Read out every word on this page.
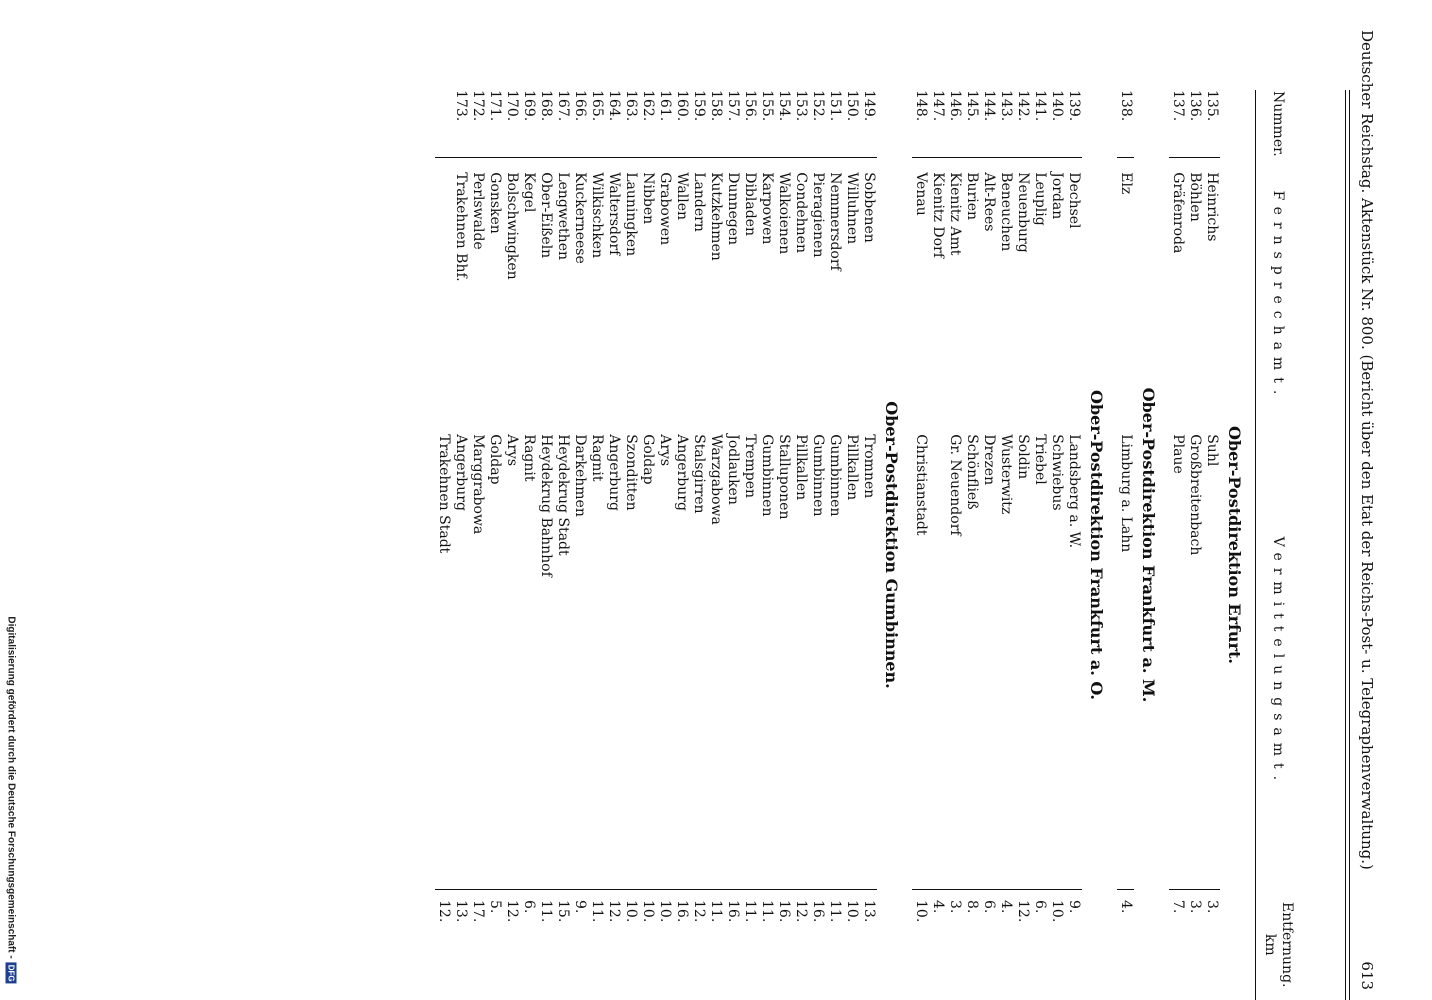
Digitalisierung gefördert durch die Deutsche Forschungsgemeinschaft -
DFG
Deutscher Reichstag. Aktenstück Nr. 800. (Bericht über den Etat der Reichs-Post- u. Telegraphenverwaltung.)
613
Nummer.	Fernsprechamt.	Vermittelungsamt.	Entfernung.
km

Ober-Postdirektion Erfurt.			
135.	Heinrichs	Suhl	3.
136.	Böhlen	Großbreitenbach	3.
137.	Gräfenroda	Plaue	7.
Ober-Postdirektion Frankfurt a. M.			
138.	Elz	Limburg a. Lahn	4.
Ober-Postdirektion Frankfurt a. O.			
139.	Dechsel	Landsberg a. W.	9.
140.	Jordan	Schwiebus	10.
141.	Leuplig	Triebel	6.
142.	Neuenburg	Soldin	12.
143.	Beneuchen	Wusterwitz	4.
144.	Alt-Rees	Drezen	6.
145.	Burien	Schönfließ	8.
146.	Kienitz Amt	Gr. Neuendorf	3.
147.	Kienitz Dorf		4.
148.	Venau	Christianstadt	10.
Ober-Postdirektion Gumbinnen.			
149.	Sobbenen	Tromnen	13.
150.	Willuhnen	Pillkallen	10.
151.	Nemmersdorf	Gumbinnen	11.
152.	Pieragienen	Gumbinnen	16.
153.	Condehnen	Pillkallen	12.
154.	Walkoienen	Stalluponen	16.
155.	Karpowen	Gumbinnen	11.
156.	Dibladen	Trempen	11.
157.	Dunnegen	Jodlauken	16.
158.	Kutzkehmen	Warzgabowa	11.
159.	Landern	Stalsgirren	12.
160.	Wallen	Angerburg	16.
161.	Grabowen	Arys	10.
162.	Nibben	Goldap	10.
163.	Launingken	Szonditten	10.
164.	Waltersdorf	Angerburg	12.
165.	Wilkischken	Ragnit	11.
166.	Kuckerneese	Darkehmen	9.
167.	Lengwethen	Heydekrug Stadt	15.
168.	Ober-Eißeln	Heydekrug Bahnhof	11.
169.	Kegel	Ragnit	6.
170.	Bolschwingken	Arys	12.
171.	Gonsken	Goldap	5.
172.	Perlswalde	Marggrabowa	17.
173.	Trakehnen Bhf.	Angerburg	13.
		Trakehnen Stadt	12.
